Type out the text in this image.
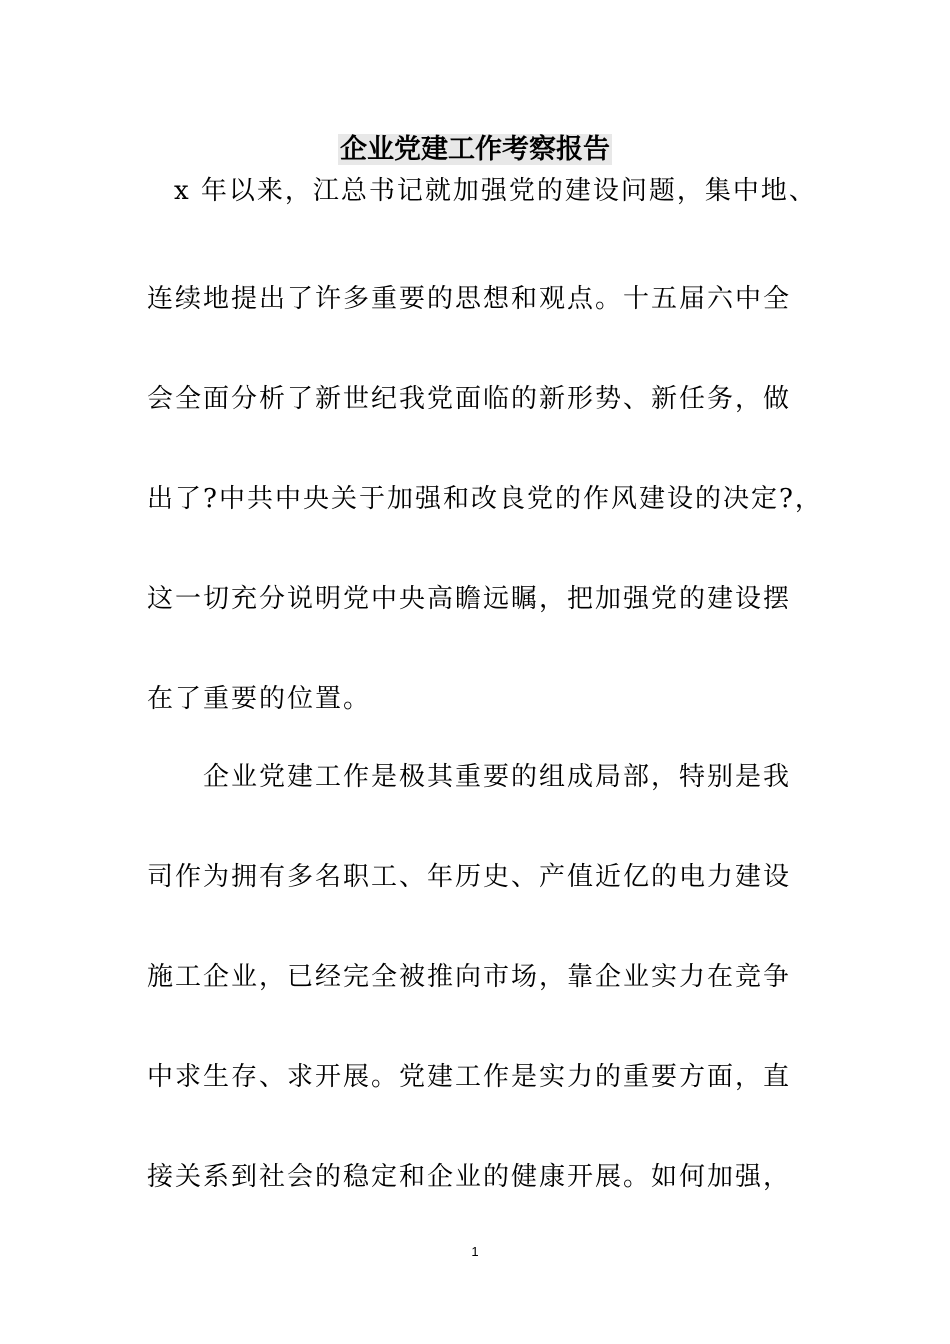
企业党建工作考察报告
x 年以来，江总书记就加强党的建设问题，集中地、
连续地提出了许多重要的思想和观点。十五届六中全
会全面分析了新世纪我党面临的新形势、新任务，做
出了?中共中央关于加强和改良党的作风建设的决定?，
这一切充分说明党中央高瞻远瞩，把加强党的建设摆
在了重要的位置。
企业党建工作是极其重要的组成局部，特别是我
司作为拥有多名职工、年历史、产值近亿的电力建设
施工企业，已经完全被推向市场，靠企业实力在竞争
中求生存、求开展。党建工作是实力的重要方面，直
接关系到社会的稳定和企业的健康开展。如何加强，
1
